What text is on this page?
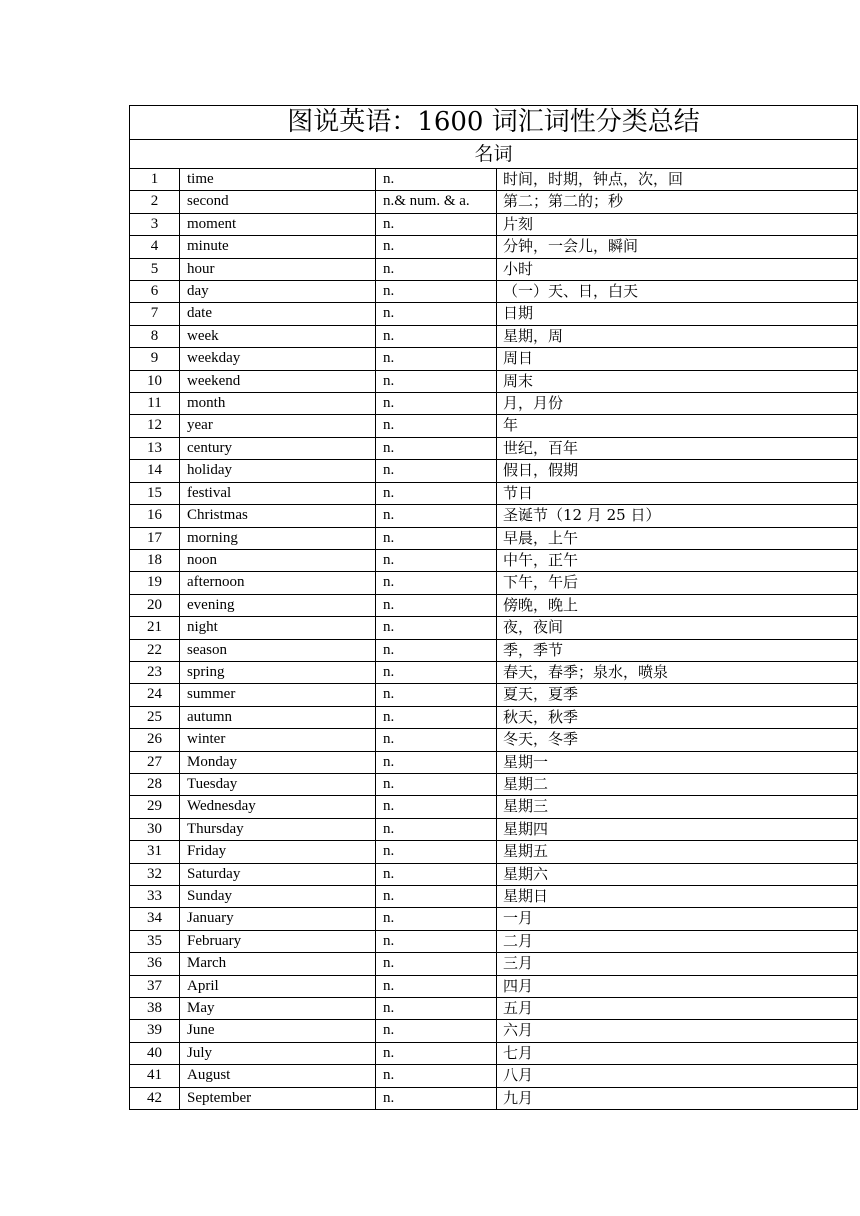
图说英语：1600 词汇词性分类总结			
名词			
1	time	n.	时间，时期，钟点，次，回
2	second	n.& num. & a.	第二；第二的；秒
3	moment	n.	片刻
4	minute	n.	分钟，一会儿，瞬间
5	hour	n.	小时
6	day	n.	（一）天、日，白天
7	date	n.	日期
8	week	n.	星期，周
9	weekday	n.	周日
10	weekend	n.	周末
11	month	n.	月，月份
12	year	n.	年
13	century	n.	世纪，百年
14	holiday	n.	假日，假期
15	festival	n.	节日
16	Christmas	n.	圣诞节（12 月 25 日）
17	morning	n.	早晨，上午
18	noon	n.	中午，正午
19	afternoon	n.	下午，午后
20	evening	n.	傍晚，晚上
21	night	n.	夜，夜间
22	season	n.	季，季节
23	spring	n.	春天，春季；泉水，喷泉
24	summer	n.	夏天，夏季
25	autumn	n.	秋天，秋季
26	winter	n.	冬天，冬季
27	Monday	n.	星期一
28	Tuesday	n.	星期二
29	Wednesday	n.	星期三
30	Thursday	n.	星期四
31	Friday	n.	星期五
32	Saturday	n.	星期六
33	Sunday	n.	星期日
34	January	n.	一月
35	February	n.	二月
36	March	n.	三月
37	April	n.	四月
38	May	n.	五月
39	June	n.	六月
40	July	n.	七月
41	August	n.	八月
42	September	n.	九月
